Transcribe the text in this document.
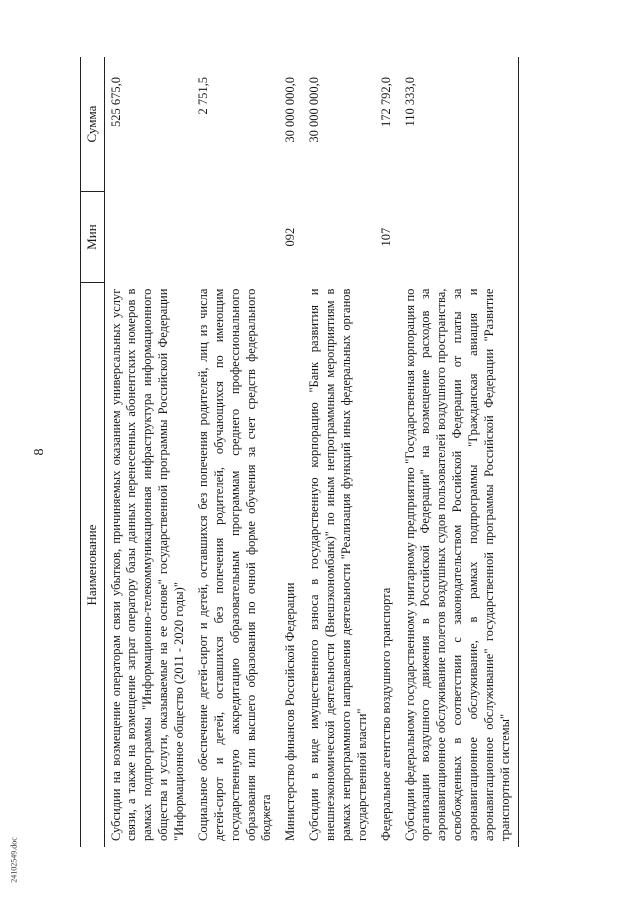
8
24102549.doc
Наименование	Мин	Сумма
Субсидии на возмещение операторам связи убытков, причиняемых оказанием универсальных услуг связи, а также на возмещение затрат оператору базы данных перенесенных абонентских номеров в рамках подпрограммы "Информационно-телекоммуникационная инфраструктура информационного общества и услуги, оказываемые на ее основе" государственной программы Российской Федерации "Информационное общество (2011 - 2020 годы)"		525 675,0
Социальное обеспечение детей-сирот и детей, оставшихся без попечения родителей, лиц из числа детей-сирот и детей, оставшихся без попечения родителей, обучающихся по имеющим государственную аккредитацию образовательным программам среднего профессионального образования или высшего образования по очной форме обучения за счет средств федерального бюджета		2 751,5
Министерство финансов Российской Федерации	092	30 000 000,0
Субсидии в виде имущественного взноса в государственную корпорацию "Банк развития и внешнеэкономической деятельности (Внешэкономбанк)" по иным непрограммным мероприятиям в рамках непрограммного направления деятельности "Реализация функций иных федеральных органов государственной власти"		30 000 000,0
Федеральное агентство воздушного транспорта	107	172 792,0
Субсидии федеральному государственному унитарному предприятию "Государственная корпорация по организации воздушного движения в Российской Федерации" на возмещение расходов за аэронавигационное обслуживание полетов воздушных судов пользователей воздушного пространства, освобожденных в соответствии с законодательством Российской Федерации от платы за аэронавигационное обслуживание, в рамках подпрограммы "Гражданская авиация и аэронавигационное обслуживание" государственной программы Российской Федерации "Развитие транспортной системы"		110 333,0
